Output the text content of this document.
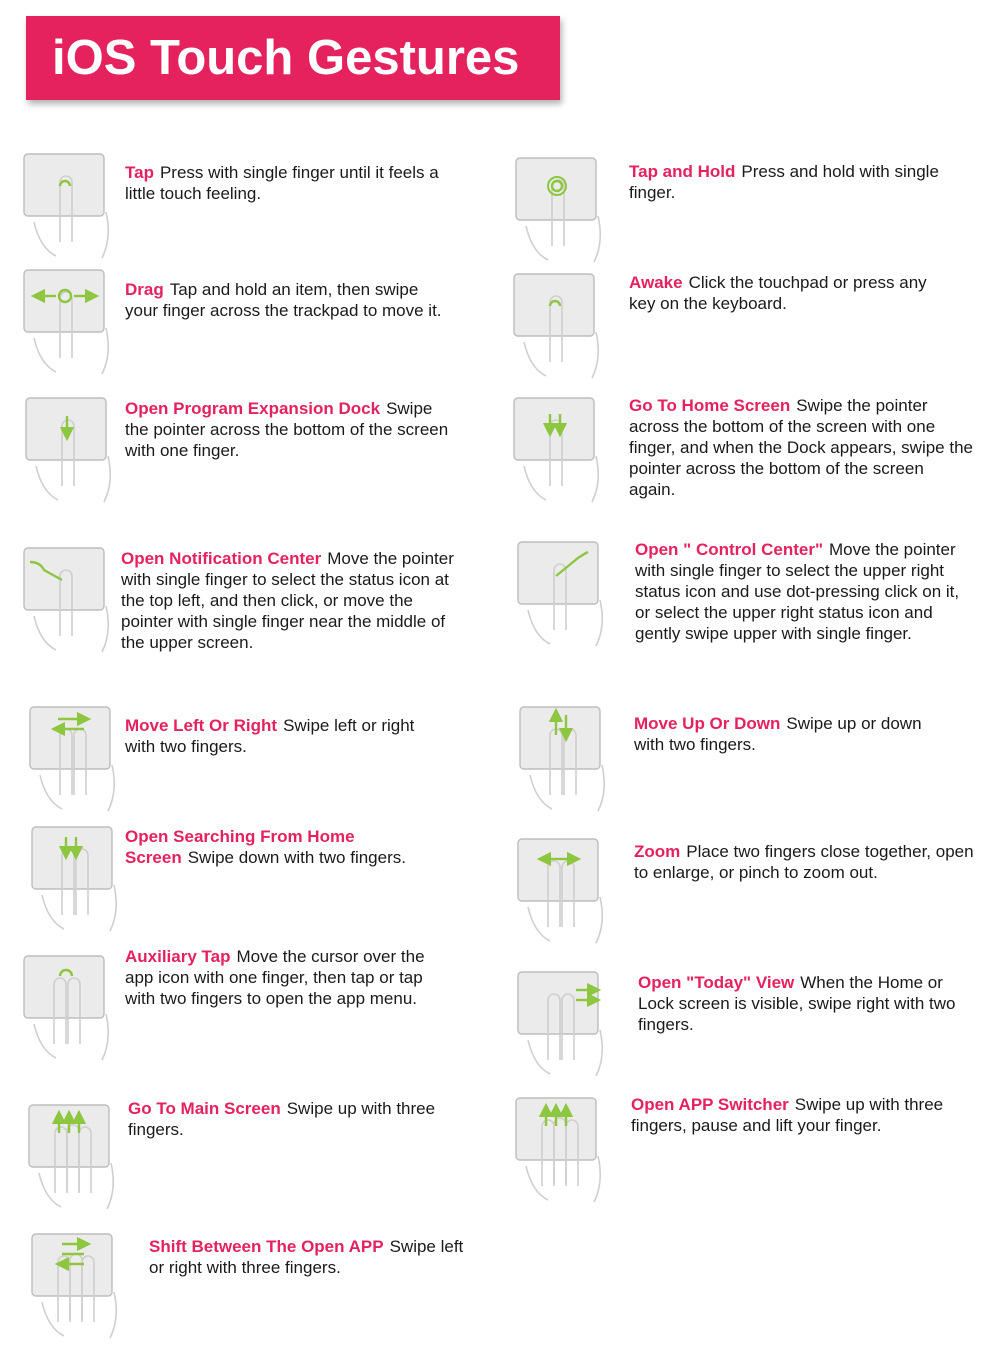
iOS Touch Gestures
Tap Press with single finger until it feels a little touch feeling.
Tap and Hold Press and hold with single finger.
Drag Tap and hold an item, then swipe your finger across the trackpad to move it.
Awake Click the touchpad or press any key on the keyboard.
Open Program Expansion Dock Swipe the pointer across the bottom of the screen with one finger.
Go To Home Screen Swipe the pointer across the bottom of the screen with one finger, and when the Dock appears, swipe the pointer across the bottom of the screen again.
Open Notification Center Move the pointer with single finger to select the status icon at the top left, and then click, or move the pointer with single finger near the middle of the upper screen.
Open " Control Center" Move the pointer with single finger to select the upper right status icon and use dot-pressing click on it, or select the upper right status icon and gently swipe upper with single finger.
Move Left Or Right Swipe left or right with two fingers.
Move Up Or Down Swipe up or down with two fingers.
Open Searching From Home Screen Swipe down with two fingers.	Zoom Place two fingers close together, open to enlarge, or pinch to zoom out.
Auxiliary Tap Move the cursor over the app icon with one finger, then tap or tap with two fingers to open the app menu.
Open "Today" View When the Home or Lock screen is visible, swipe right with two fingers.
Go To Main Screen Swipe up with three fingers.
Open APP Switcher Swipe up with three fingers, pause and lift your finger.
Shift Between The Open APP Swipe left or right with three fingers.
